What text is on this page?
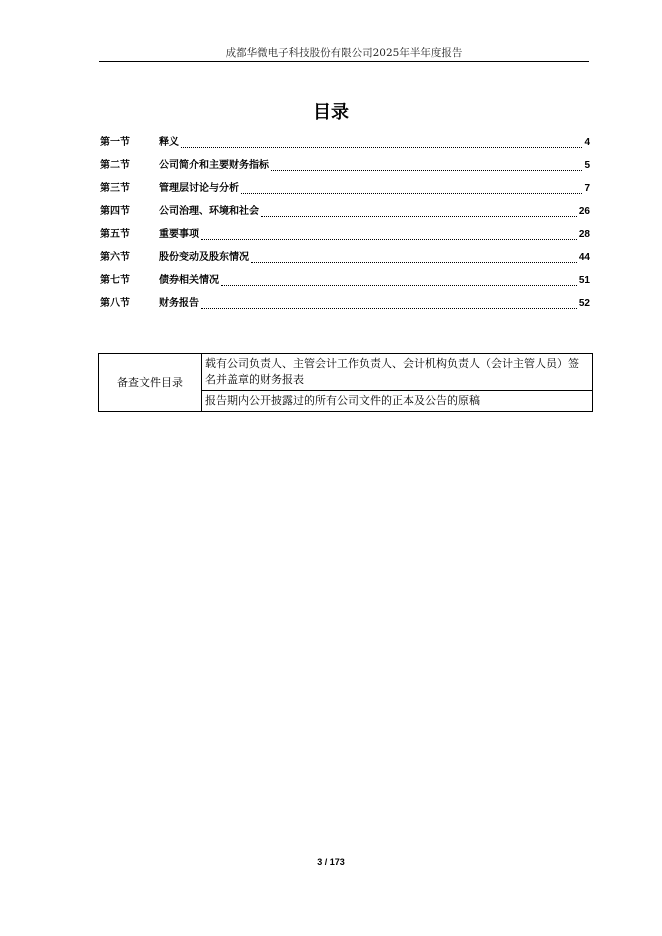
成都华微电子科技股份有限公司2025年半年度报告
目录
第一节	释义	4
第二节	公司简介和主要财务指标	5
第三节	管理层讨论与分析	7
第四节	公司治理、环境和社会	26
第五节	重要事项	28
第六节	股份变动及股东情况	44
第七节	债券相关情况	51
第八节	财务报告	52
备查文件目录	载有公司负责人、主管会计工作负责人、会计机构负责人（会计主管人员）签名并盖章的财务报表
报告期内公开披露过的所有公司文件的正本及公告的原稿
3 / 173
